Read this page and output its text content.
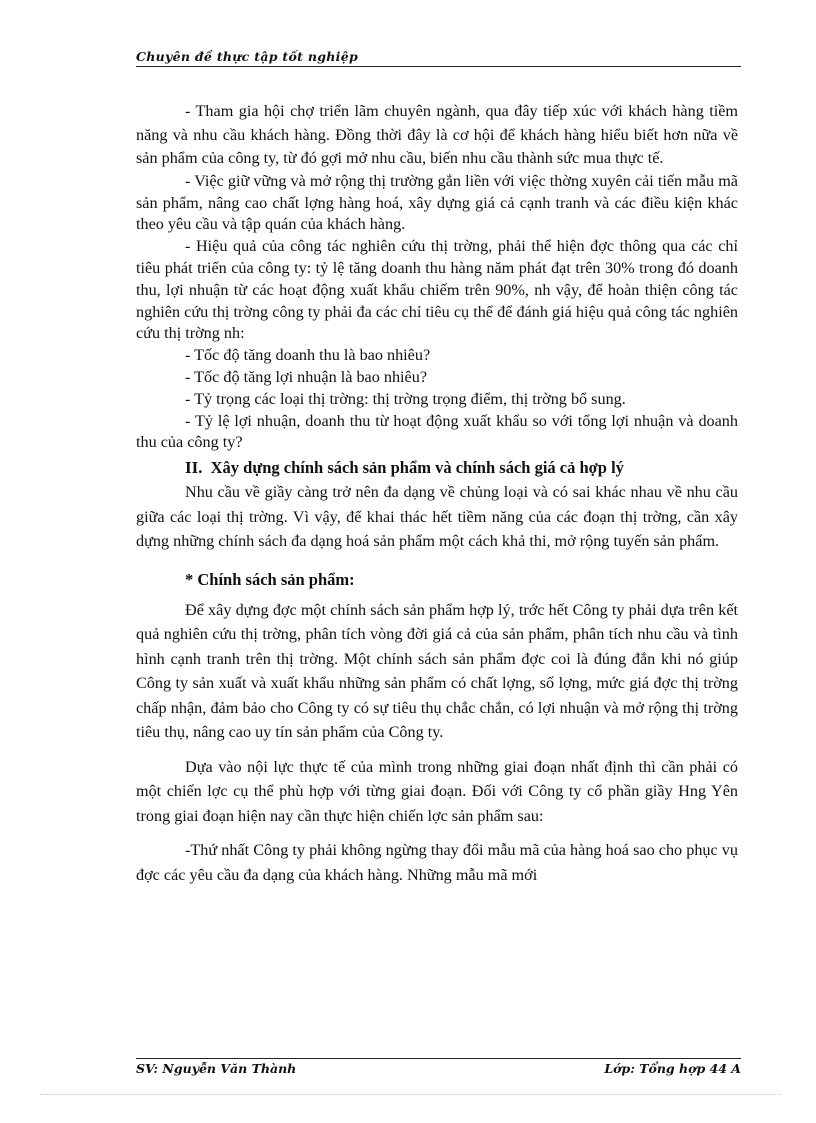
Chuyên đề thực tập tốt nghiệp

- Tham gia hội chợ triển lãm chuyên ngành, qua đây tiếp xúc với khách hàng tiềm năng và nhu cầu khách hàng. Đồng thời đây là cơ hội để khách hàng hiểu biết hơn nữa về sản phẩm của công ty, từ đó gợi mở nhu cầu, biến nhu cầu thành sức mua thực tế.

- Việc giữ vững và mở rộng thị trường gắn liền với việc thờng xuyên cải tiến mẫu mã sản phẩm, nâng cao chất lợng hàng hoá, xây dựng giá cả cạnh tranh và các điều kiện khác theo yêu cầu và tập quán của khách hàng.

- Hiệu quả của công tác nghiên cứu thị trờng, phải thể hiện đợc thông qua các chỉ tiêu phát triển của công ty: tỷ lệ tăng doanh thu hàng năm phát đạt trên 30% trong đó doanh thu, lợi nhuận từ các hoạt động xuất khẩu chiếm trên 90%, nh vậy, để hoàn thiện công tác nghiên cứu thị trờng công ty phải đa các chỉ tiêu cụ thể để đánh giá hiệu quả công tác nghiên cứu thị trờng nh:

- Tốc độ tăng doanh thu là bao nhiêu?

- Tốc độ tăng lợi nhuận là bao nhiêu?

- Tỷ trọng các loại thị trờng: thị trờng trọng điểm, thị trờng bổ sung.

- Tỷ lệ lợi nhuận, doanh thu từ hoạt động xuất khẩu so với tổng lợi nhuận và doanh thu của công ty?

II. Xây dựng chính sách sản phẩm và chính sách giá cả hợp lý

Nhu cầu về giầy càng trở nên đa dạng về chủng loại và có sai khác nhau về nhu cầu giữa các loại thị trờng. Vì vậy, để khai thác hết tiềm năng của các đoạn thị trờng, cần xây dựng những chính sách đa dạng hoá sản phẩm một cách khả thi, mở rộng tuyến sản phẩm.

* Chính sách sản phẩm:

Để xây dựng đợc một chính sách sản phẩm hợp lý, trớc hết Công ty phải dựa trên kết quả nghiên cứu thị trờng, phân tích vòng đời giá cả của sản phẩm, phân tích nhu cầu và tình hình cạnh tranh trên thị trờng. Một chính sách sản phẩm đợc coi là đúng đắn khi nó giúp Công ty sản xuất và xuất khẩu những sản phẩm có chất lợng, số lợng, mức giá đợc thị trờng chấp nhận, đảm bảo cho Công ty có sự tiêu thụ chắc chắn, có lợi nhuận và mở rộng thị trờng tiêu thụ, nâng cao uy tín sản phẩm của Công ty.

Dựa vào nội lực thực tế của mình trong những giai đoạn nhất định thì cần phải có một chiến lợc cụ thể phù hợp với từng giai đoạn. Đối với Công ty cổ phần giầy Hng Yên trong giai đoạn hiện nay cần thực hiện chiến lợc sản phẩm sau:

-Thứ nhất Công ty phải không ngừng thay đổi mẫu mã của hàng hoá sao cho phục vụ đợc các yêu cầu đa dạng của khách hàng. Những mẫu mã mới

SV: Nguyễn Văn Thành	Lớp: Tổng hợp 44 A
